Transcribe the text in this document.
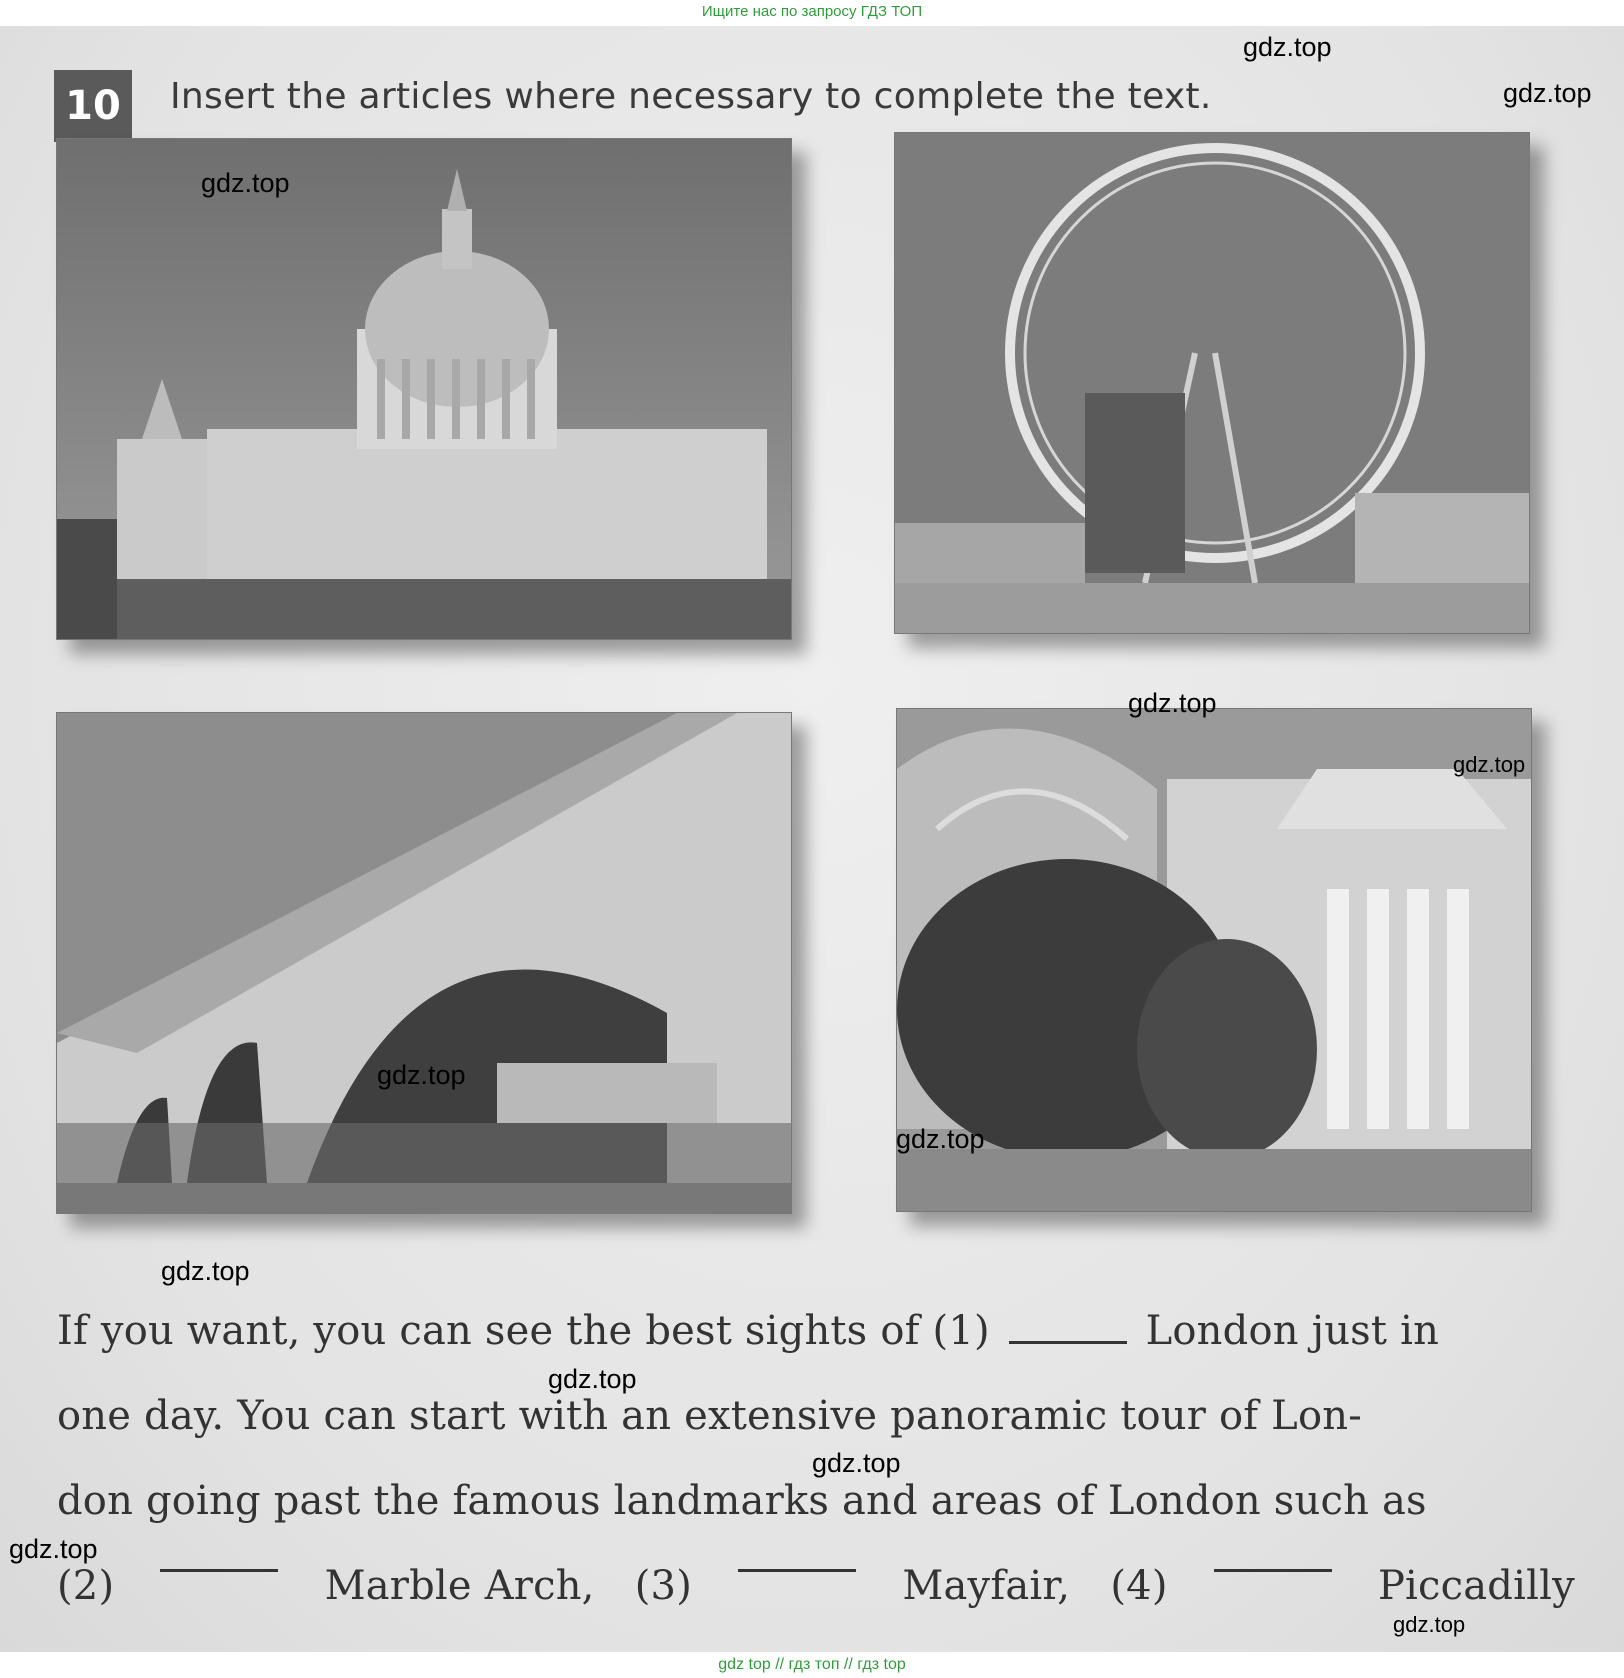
Ищите нас по запросу ГДЗ ТОП
10	Insert the articles where necessary to complete the text.
If you want, you can see the best sights of (1)	London just in
one day. You can start with an extensive panoramic tour of Lon-
don going past the famous landmarks and areas of London such as
(2)	Marble Arch, (3)	Mayfair, (4)	Piccadilly
gdz.top
gdz.top
gdz.top
gdz.top
gdz.top
gdz.top
gdz.top
gdz.top
gdz.top
gdz.top
gdz.top
gdz.top
gdz top // гдз топ // гдз top
